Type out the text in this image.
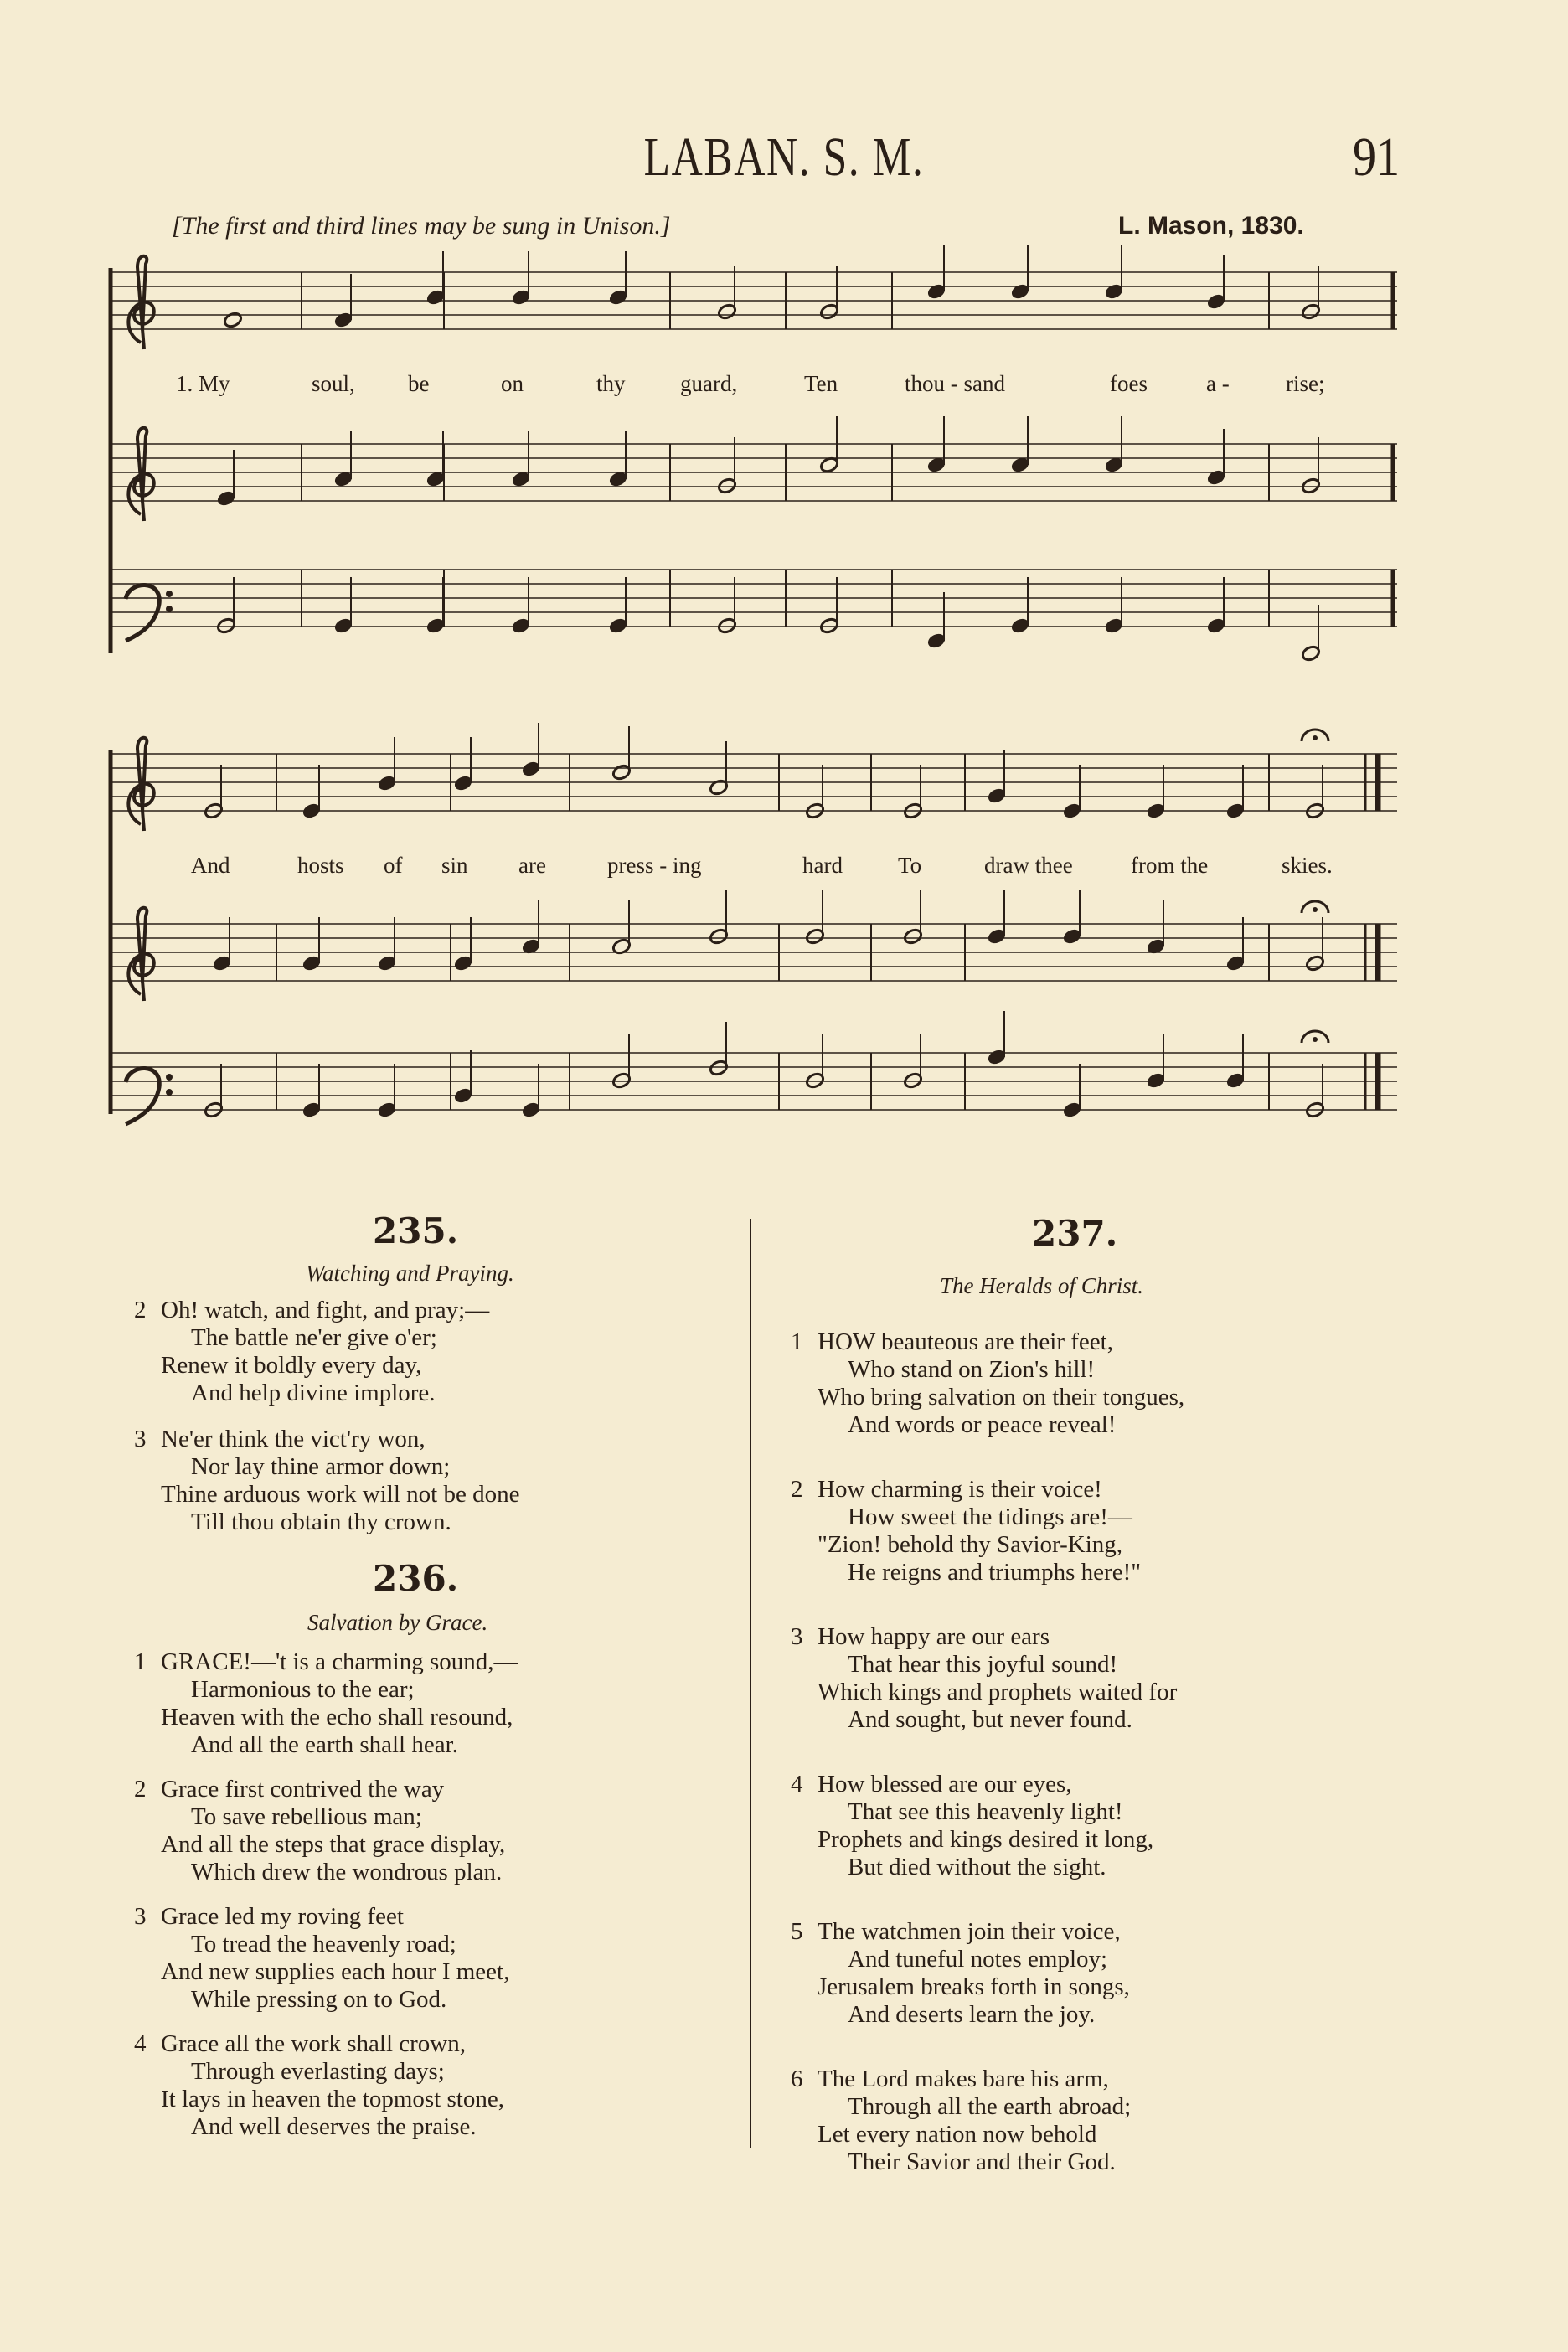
LABAN. S. M.	91
[The first and third lines may be sung in Unison.]	L. Mason, 1830.
1. My	soul, be	on	thy guard,	Ten	thou - sand	foes	a - rise;
And	hosts of sin are	press - ing	hard To	draw thee	from the	skies.
235.
Watching and Praying.
2 Oh! watch, and fight, and pray;—
The battle ne'er give o'er;
Renew it boldly every day,
And help divine implore.
3 Ne'er think the vict'ry won,
Nor lay thine armor down;
Thine arduous work will not be done
Till thou obtain thy crown.
236.
Salvation by Grace.
1 GRACE!—'t is a charming sound,—
Harmonious to the ear;
Heaven with the echo shall resound,
And all the earth shall hear.
2 Grace first contrived the way
To save rebellious man;
And all the steps that grace display,
Which drew the wondrous plan.
3 Grace led my roving feet
To tread the heavenly road;
And new supplies each hour I meet,
While pressing on to God.
4 Grace all the work shall crown,
Through everlasting days;
It lays in heaven the topmost stone,
And well deserves the praise.
237.
The Heralds of Christ.
1 HOW beauteous are their feet,
Who stand on Zion's hill!
Who bring salvation on their tongues,
And words or peace reveal!
2 How charming is their voice!
How sweet the tidings are!—
"Zion! behold thy Savior-King,
He reigns and triumphs here!"
3 How happy are our ears
That hear this joyful sound!
Which kings and prophets waited for
And sought, but never found.
4 How blessed are our eyes,
That see this heavenly light!
Prophets and kings desired it long,
But died without the sight.
5 The watchmen join their voice,
And tuneful notes employ;
Jerusalem breaks forth in songs,
And deserts learn the joy.
6 The Lord makes bare his arm,
Through all the earth abroad;
Let every nation now behold
Their Savior and their God.
